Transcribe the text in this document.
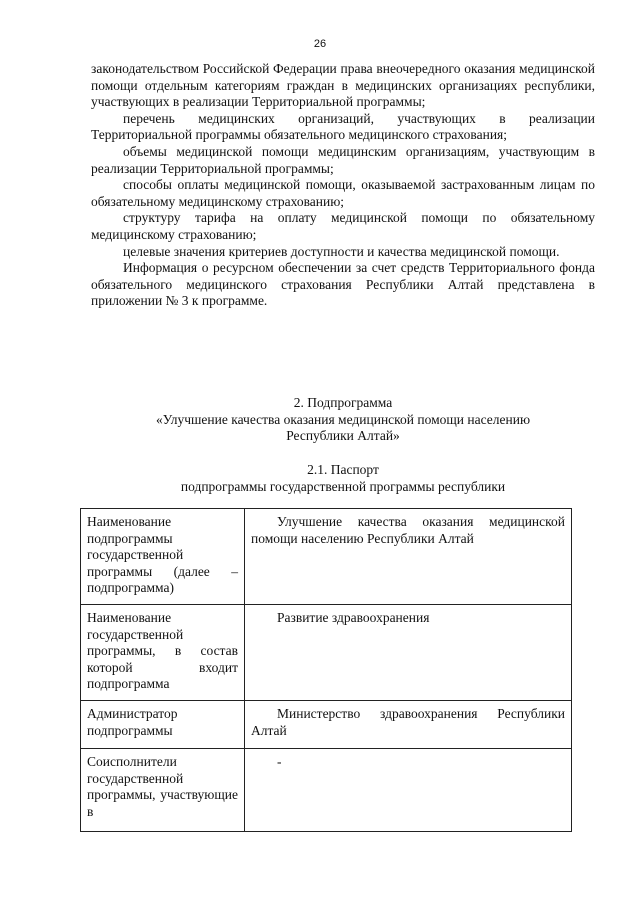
26

законодательством Российской Федерации права внеочередного оказания медицинской помощи отдельным категориям граждан в медицинских организациях республики, участвующих в реализации Территориальной программы;

перечень медицинских организаций, участвующих в реализации Территориальной программы обязательного медицинского страхования;

объемы медицинской помощи медицинским организациям, участвующим в реализации Территориальной программы;

способы оплаты медицинской помощи, оказываемой застрахованным лицам по обязательному медицинскому страхованию;

структуру тарифа на оплату медицинской помощи по обязательному медицинскому страхованию;

целевые значения критериев доступности и качества медицинской помощи.

Информация о ресурсном обеспечении за счет средств Территориального фонда обязательного медицинского страхования Республики Алтай представлена в приложении № 3 к программе.

2. Подпрограмма
«Улучшение качества оказания медицинской помощи населению
Республики Алтай»
2.1. Паспорт
подпрограммы государственной программы республики
Наименование подпрограммы государственной программы (далее – подпрограмма)	Улучшение качества оказания медицинской помощи населению Республики Алтай
Наименование государственной программы, в состав которой входит подпрограмма	Развитие здравоохранения
Администратор подпрограммы	Министерство здравоохранения Республики Алтай
Соисполнители государственной программы, участвующие в	-
